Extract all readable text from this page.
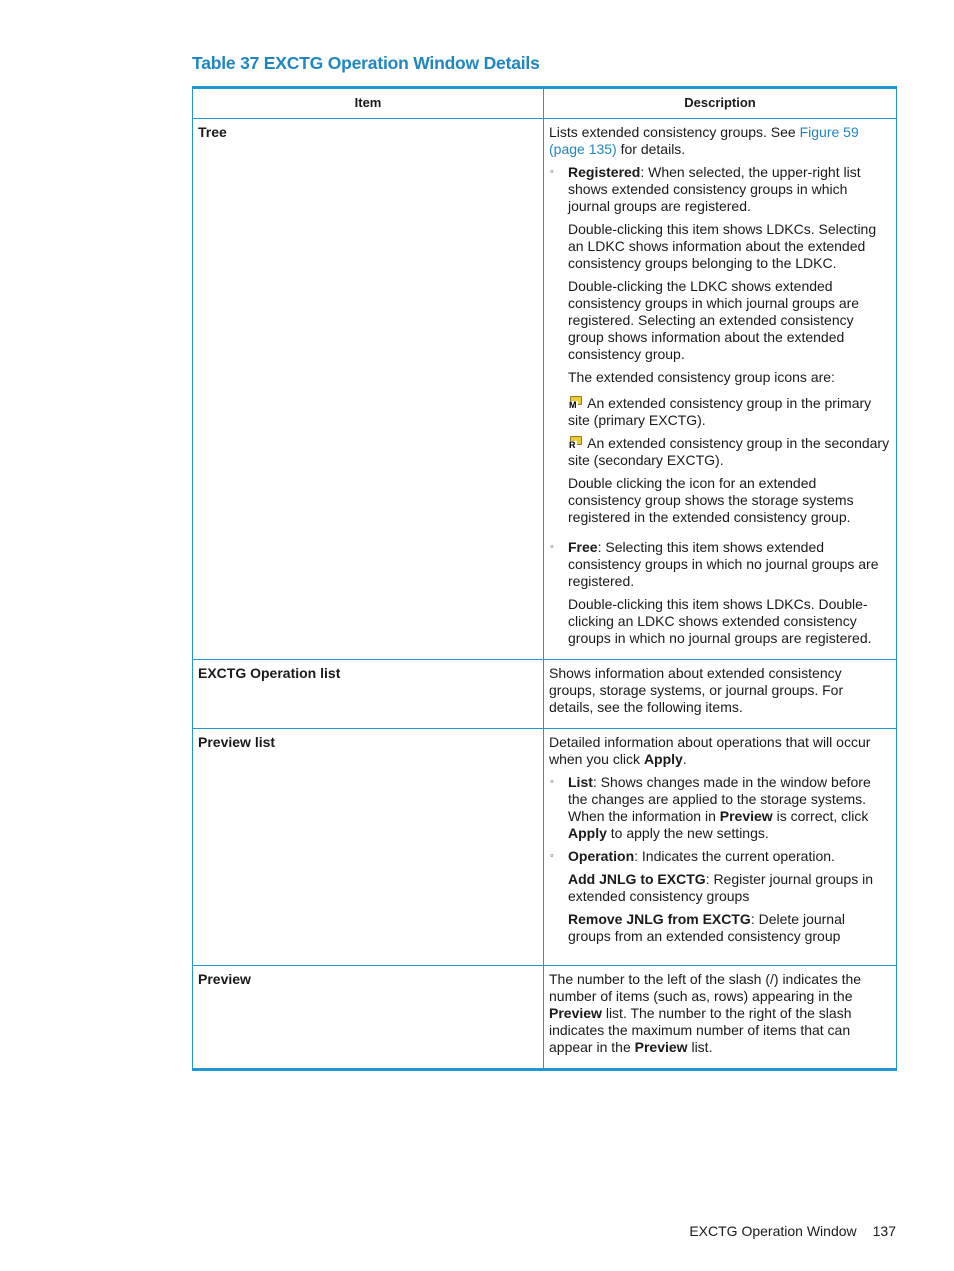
Table 37 EXCTG Operation Window Details
Item	Description
Tree	Lists extended consistency groups. See Figure 59 (page 135) for details.

◦ Registered: When selected, the upper-right list shows extended consistency groups in which journal groups are registered.

Double-clicking this item shows LDKCs. Selecting an LDKC shows information about the extended consistency groups belonging to the LDKC.

Double-clicking the LDKC shows extended consistency groups in which journal groups are registered. Selecting an extended consistency group shows information about the extended consistency group.

The extended consistency group icons are:

M An extended consistency group in the primary site (primary EXCTG).

R An extended consistency group in the secondary site (secondary EXCTG).

Double clicking the icon for an extended consistency group shows the storage systems registered in the extended consistency group.

◦ Free: Selecting this item shows extended consistency groups in which no journal groups are registered.

Double-clicking this item shows LDKCs. Double-clicking an LDKC shows extended consistency groups in which no journal groups are registered.

EXCTG Operation list	Shows information about extended consistency groups, storage systems, or journal groups. For details, see the following items.

Preview list	Detailed information about operations that will occur when you click Apply.

◦ List: Shows changes made in the window before the changes are applied to the storage systems. When the information in Preview is correct, click Apply to apply the new settings.
◦ Operation: Indicates the current operation.

Add JNLG to EXCTG: Register journal groups in extended consistency groups

Remove JNLG from EXCTG: Delete journal groups from an extended consistency group

Preview	The number to the left of the slash (/) indicates the number of items (such as, rows) appearing in the Preview list. The number to the right of the slash indicates the maximum number of items that can appear in the Preview list.

EXCTG Operation Window 137
